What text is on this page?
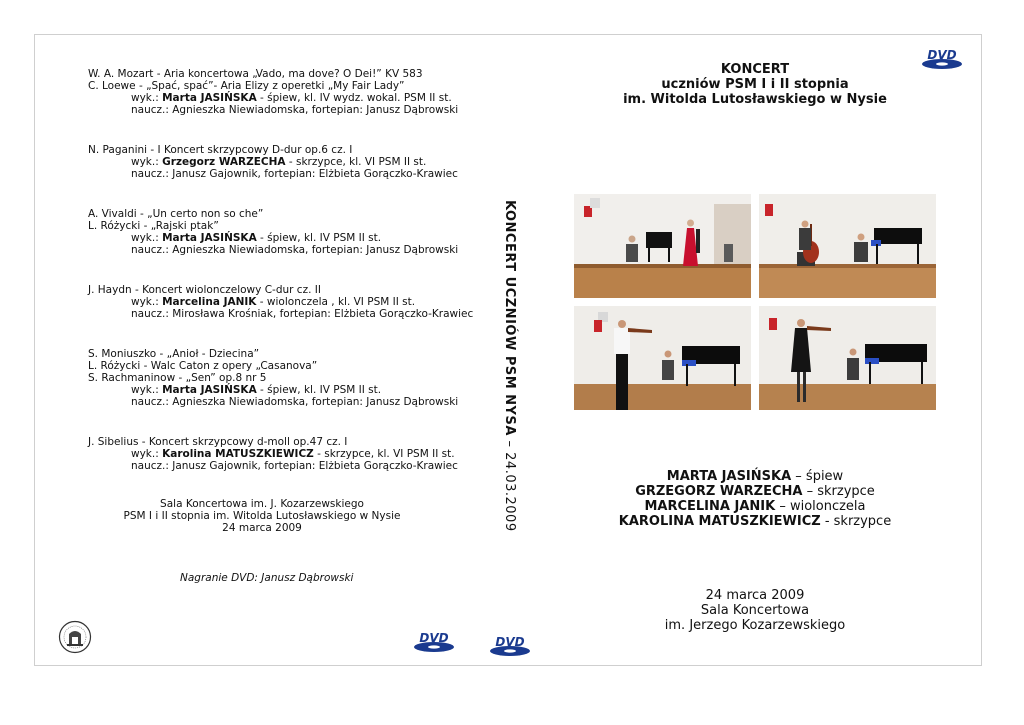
W. A. Mozart - Aria koncertowa „Vado, ma dove? O Dei!” KV 583
C. Loewe - „Spać, spać”- Aria Elizy z operetki „My Fair Lady”
wyk.: Marta JASIŃSKA - śpiew, kl. IV wydz. wokal. PSM II st.
naucz.: Agnieszka Niewiadomska, fortepian: Janusz Dąbrowski
N. Paganini - I Koncert skrzypcowy D-dur op.6 cz. I
wyk.: Grzegorz WARZECHA - skrzypce, kl. VI PSM II st.
naucz.: Janusz Gajownik, fortepian: Elżbieta Gorączko-Krawiec
A. Vivaldi - „Un certo non so che”
L. Różycki - „Rajski ptak”
wyk.: Marta JASIŃSKA - śpiew, kl. IV PSM II st.
naucz.: Agnieszka Niewiadomska, fortepian: Janusz Dąbrowski
J. Haydn - Koncert wiolonczelowy C-dur cz. II
wyk.: Marcelina JANIK - wiolonczela , kl. VI PSM II st.
naucz.: Mirosława Krośniak, fortepian: Elżbieta Gorączko-Krawiec
S. Moniuszko - „Anioł - Dziecina”
L. Różycki - Walc Caton z opery „Casanova”
S. Rachmaninow - „Sen” op.8 nr 5
wyk.: Marta JASIŃSKA - śpiew, kl. IV PSM II st.
naucz.: Agnieszka Niewiadomska, fortepian: Janusz Dąbrowski
J. Sibelius - Koncert skrzypcowy d-moll op.47 cz. I
wyk.: Karolina MATUSZKIEWICZ - skrzypce, kl. VI PSM II st.
naucz.: Janusz Gajownik, fortepian: Elżbieta Gorączko-Krawiec
Sala Koncertowa im. J. Kozarzewskiego
PSM I i II stopnia im. Witolda Lutosławskiego w Nysie
24 marca 2009
Nagranie DVD: Janusz Dąbrowski
KONCERT UCZNIÓW PSM NYSA – 24.03.2009
DVD
DVD	DVD
KONCERT
uczniów PSM I i II stopnia
im. Witolda Lutosławskiego w Nysie
MARTA JASIŃSKA – śpiew
GRZEGORZ WARZECHA – skrzypce
MARCELINA JANIK – wiolonczela
KAROLINA MATUSZKIEWICZ - skrzypce
24 marca 2009
Sala Koncertowa
im. Jerzego Kozarzewskiego
